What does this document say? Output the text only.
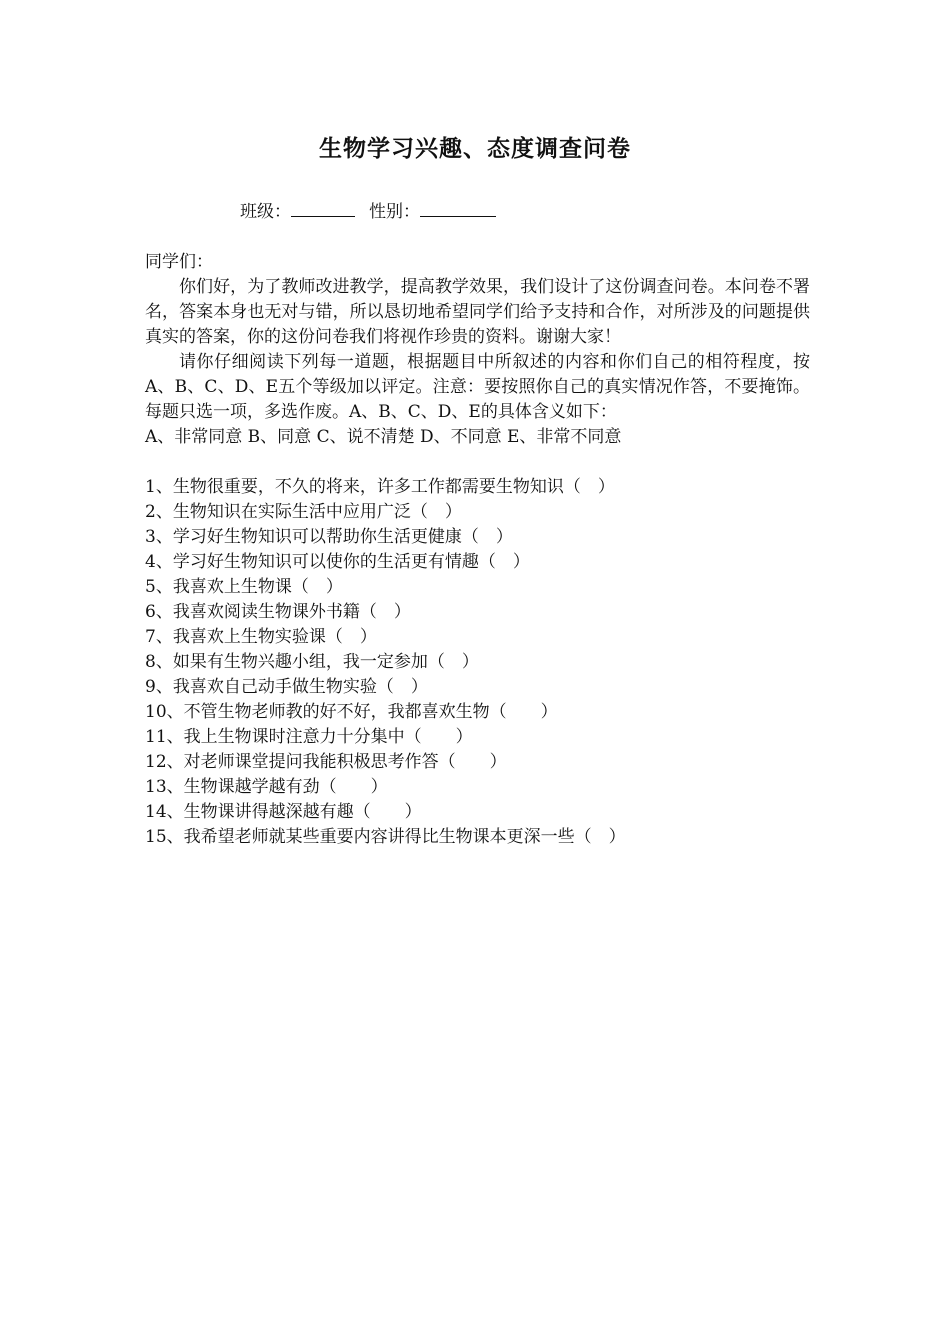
生物学习兴趣、态度调查问卷
班级：	性别：

同学们：

你们好，为了教师改进教学，提高教学效果，我们设计了这份调查问卷。本问卷不署名，答案本身也无对与错，所以恳切地希望同学们给予支持和合作，对所涉及的问题提供真实的答案，你的这份问卷我们将视作珍贵的资料。谢谢大家！

请你仔细阅读下列每一道题，根据题目中所叙述的内容和你们自己的相符程度，按A、B、C、D、E五个等级加以评定。注意：要按照你自己的真实情况作答，不要掩饰。每题只选一项，多选作废。A、B、C、D、E的具体含义如下：

A、非常同意 B、同意 C、说不清楚 D、不同意 E、非常不同意

1、生物很重要，不久的将来，许多工作都需要生物知识（　）
2、生物知识在实际生活中应用广泛（　）
3、学习好生物知识可以帮助你生活更健康（　）
4、学习好生物知识可以使你的生活更有情趣（　）
5、我喜欢上生物课（　）
6、我喜欢阅读生物课外书籍（　）
7、我喜欢上生物实验课（　）
8、如果有生物兴趣小组，我一定参加（　）
9、我喜欢自己动手做生物实验（　）
10、不管生物老师教的好不好，我都喜欢生物（　　）
11、我上生物课时注意力十分集中（　　）
12、对老师课堂提问我能积极思考作答（　　）
13、生物课越学越有劲（　　）
14、生物课讲得越深越有趣（　　）
15、我希望老师就某些重要内容讲得比生物课本更深一些（　）
